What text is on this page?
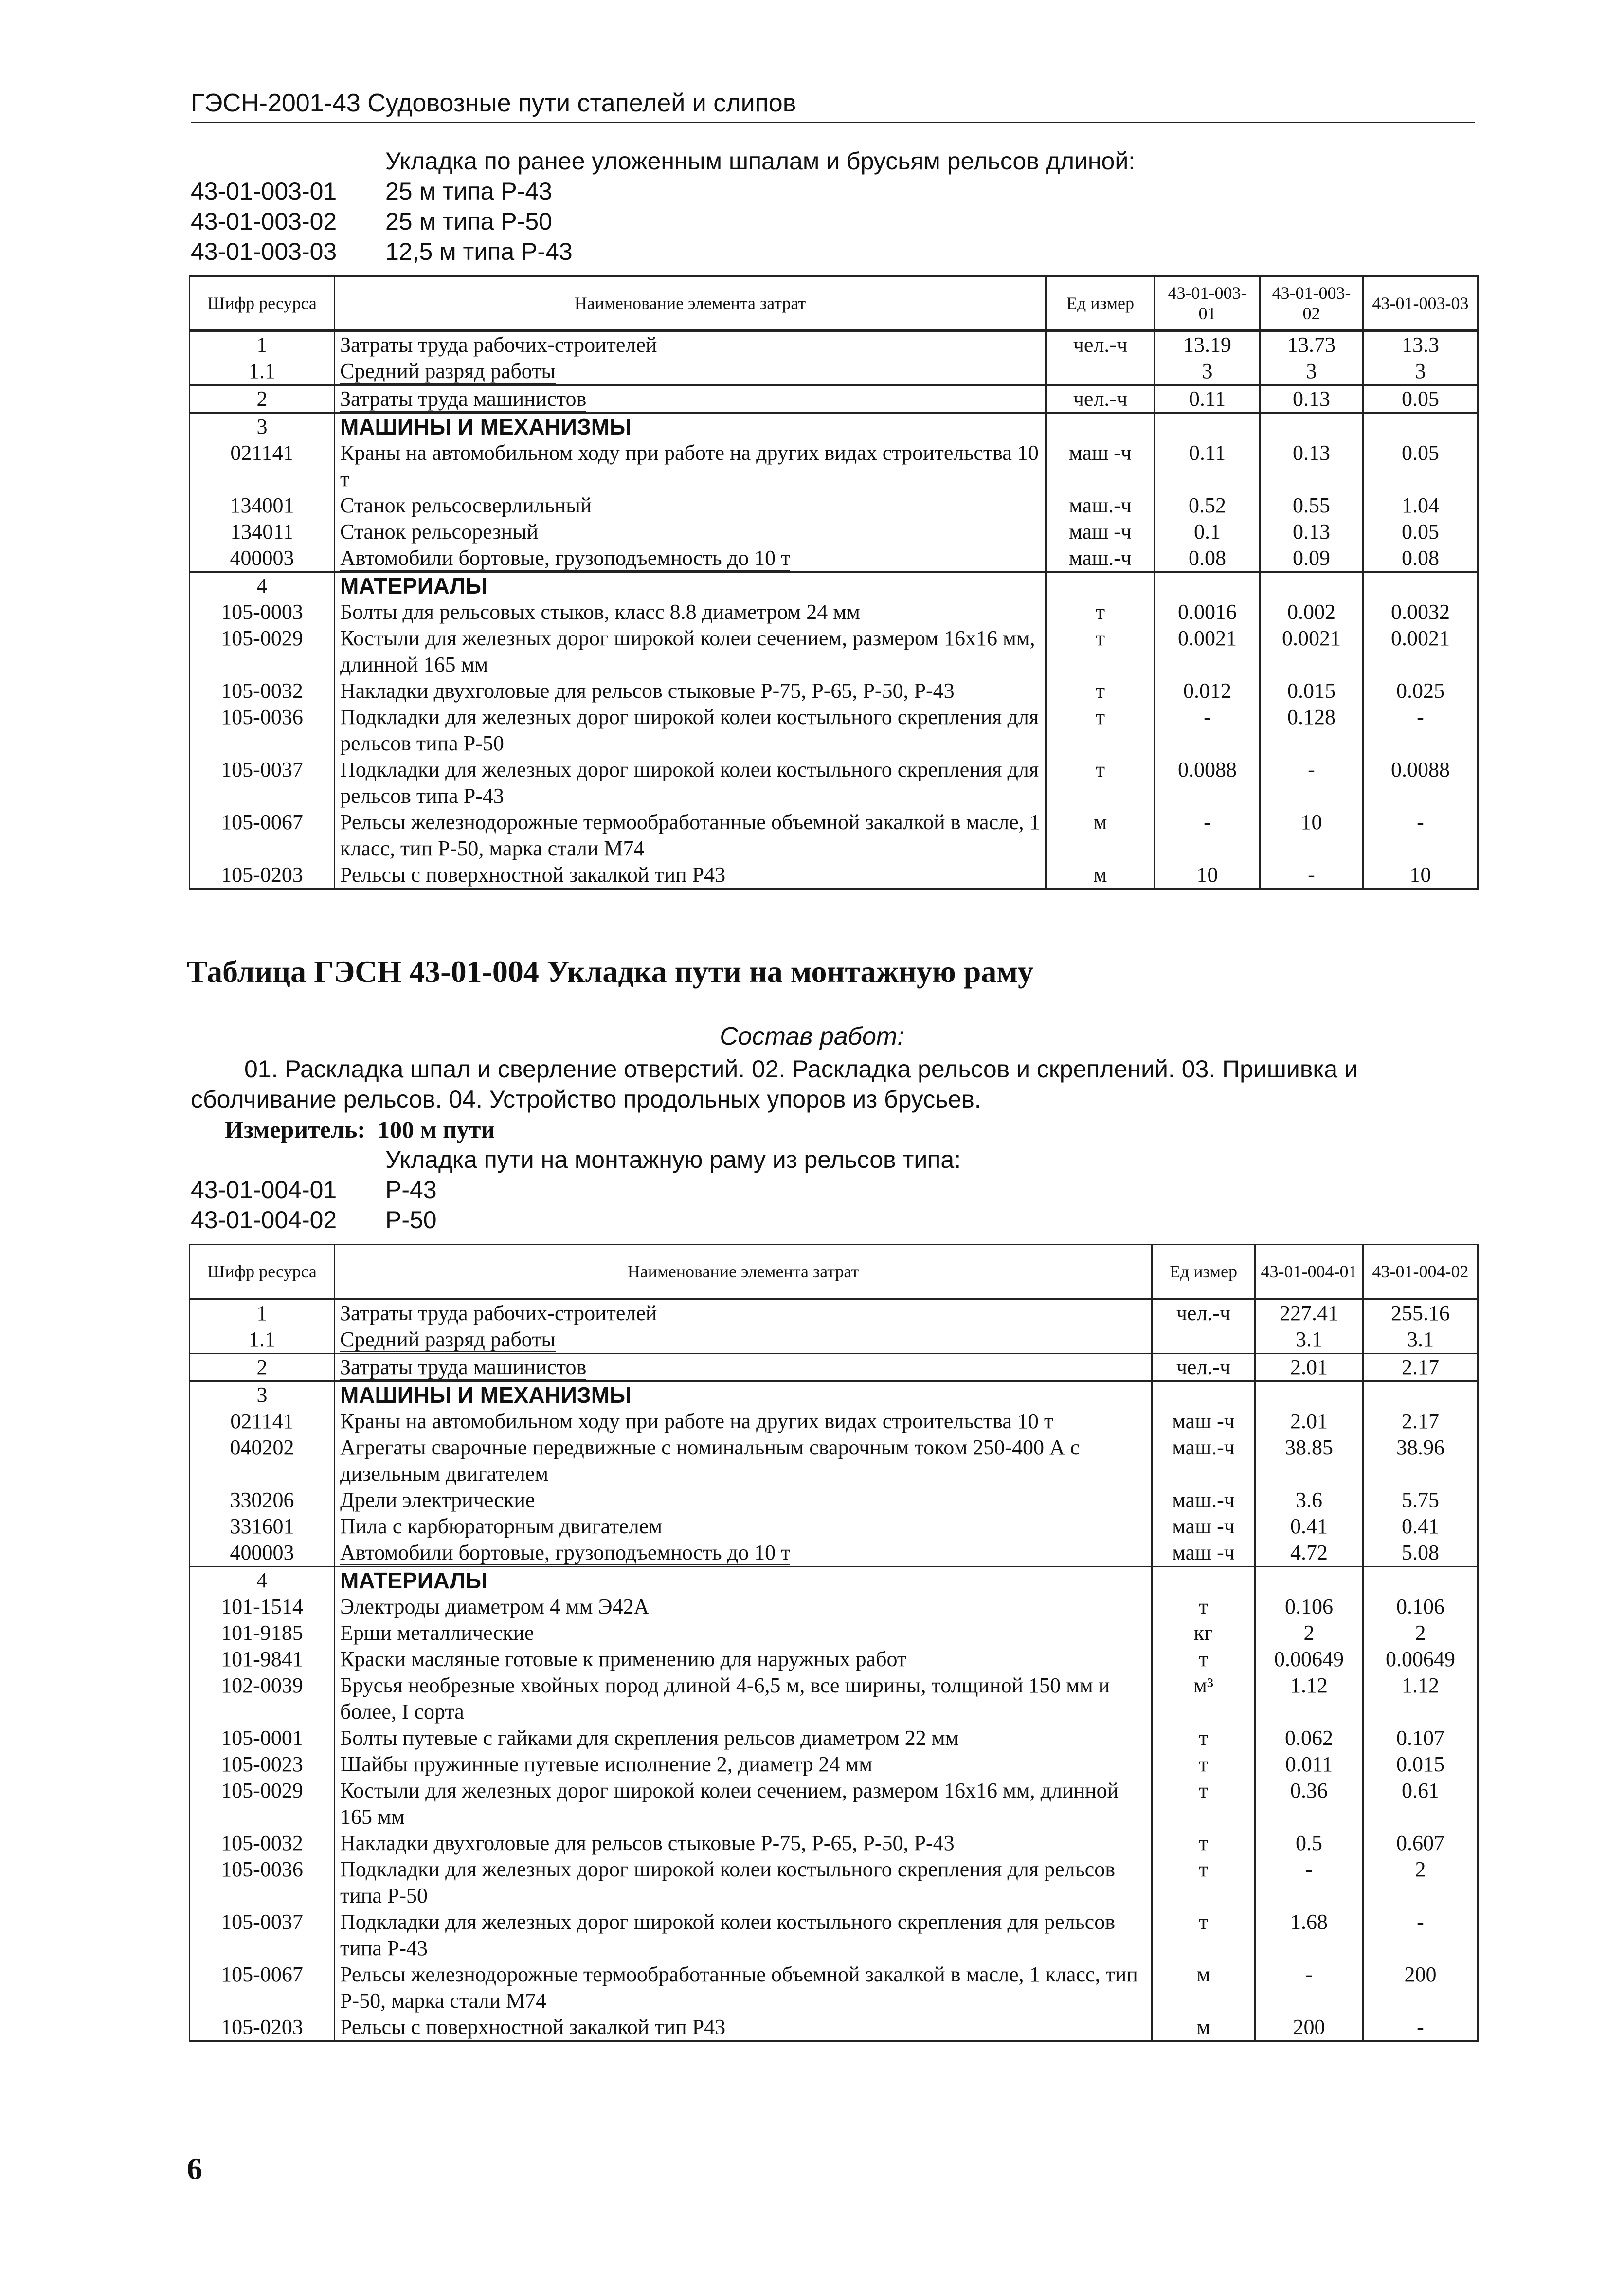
ГЭСН-2001-43 Судовозные пути стапелей и слипов
Укладка по ранее уложенным шпалам и брусьям рельсов длиной:
43-01-003-01	25 м типа Р-43
43-01-003-02	25 м типа Р-50
43-01-003-03	12,5 м типа Р-43
Шифр ресурса	Наименование элемента затрат	Ед измер	43-01-003-01	43-01-003-02	43-01-003-03
1	Затраты труда рабочих-строителей	чел.-ч	13.19	13.73	13.3
1.1	Средний разряд работы		3	3	3
2	Затраты труда машинистов	чел.-ч	0.11	0.13	0.05
3	МАШИНЫ И МЕХАНИЗМЫ				
021141	Краны на автомобильном ходу при работе на других видах строительства 10 т	маш -ч	0.11	0.13	0.05
134001	Станок рельсосверлильный	маш.-ч	0.52	0.55	1.04
134011	Станок рельсорезный	маш -ч	0.1	0.13	0.05
400003	Автомобили бортовые, грузоподъемность до 10 т	маш.-ч	0.08	0.09	0.08
4	МАТЕРИАЛЫ				
105-0003	Болты для рельсовых стыков, класс 8.8 диаметром 24 мм	т	0.0016	0.002	0.0032
105-0029	Костыли для железных дорог широкой колеи сечением, размером 16х16 мм, длинной 165 мм	т	0.0021	0.0021	0.0021
105-0032	Накладки двухголовые для рельсов стыковые Р-75, Р-65, Р-50, Р-43	т	0.012	0.015	0.025
105-0036	Подкладки для железных дорог широкой колеи костыльного скрепления для рельсов типа Р-50	т	-	0.128	-
105-0037	Подкладки для железных дорог широкой колеи костыльного скрепления для рельсов типа Р-43	т	0.0088	-	0.0088
105-0067	Рельсы железнодорожные термообработанные объемной закалкой в масле, 1 класс, тип Р-50, марка стали М74	м	-	10	-
105-0203	Рельсы с поверхностной закалкой тип Р43	м	10	-	10
Таблица ГЭСН 43-01-004 Укладка пути на монтажную раму
Состав работ:
01. Раскладка шпал и сверление отверстий. 02. Раскладка рельсов и скреплений. 03. Пришивка и сболчивание рельсов. 04. Устройство продольных упоров из брусьев.
Измеритель: 100 м пути
Укладка пути на монтажную раму из рельсов типа:
43-01-004-01	Р-43
43-01-004-02	Р-50
Шифр ресурса	Наименование элемента затрат	Ед измер	43-01-004-01	43-01-004-02
1	Затраты труда рабочих-строителей	чел.-ч	227.41	255.16
1.1	Средний разряд работы		3.1	3.1
2	Затраты труда машинистов	чел.-ч	2.01	2.17
3	МАШИНЫ И МЕХАНИЗМЫ			
021141	Краны на автомобильном ходу при работе на других видах строительства 10 т	маш -ч	2.01	2.17
040202	Агрегаты сварочные передвижные с номинальным сварочным током 250-400 А с дизельным двигателем	маш.-ч	38.85	38.96
330206	Дрели электрические	маш.-ч	3.6	5.75
331601	Пила с карбюраторным двигателем	маш -ч	0.41	0.41
400003	Автомобили бортовые, грузоподъемность до 10 т	маш -ч	4.72	5.08
4	МАТЕРИАЛЫ			
101-1514	Электроды диаметром 4 мм Э42А	т	0.106	0.106
101-9185	Ерши металлические	кг	2	2
101-9841	Краски масляные готовые к применению для наружных работ	т	0.00649	0.00649
102-0039	Брусья необрезные хвойных пород длиной 4-6,5 м, все ширины, толщиной 150 мм и более, I сорта	м³	1.12	1.12
105-0001	Болты путевые с гайками для скрепления рельсов диаметром 22 мм	т	0.062	0.107
105-0023	Шайбы пружинные путевые исполнение 2, диаметр 24 мм	т	0.011	0.015
105-0029	Костыли для железных дорог широкой колеи сечением, размером 16х16 мм, длинной 165 мм	т	0.36	0.61
105-0032	Накладки двухголовые для рельсов стыковые Р-75, Р-65, Р-50, Р-43	т	0.5	0.607
105-0036	Подкладки для железных дорог широкой колеи костыльного скрепления для рельсов типа Р-50	т	-	2
105-0037	Подкладки для железных дорог широкой колеи костыльного скрепления для рельсов типа Р-43	т	1.68	-
105-0067	Рельсы железнодорожные термообработанные объемной закалкой в масле, 1 класс, тип Р-50, марка стали М74	м	-	200
105-0203	Рельсы с поверхностной закалкой тип Р43	м	200	-
6
